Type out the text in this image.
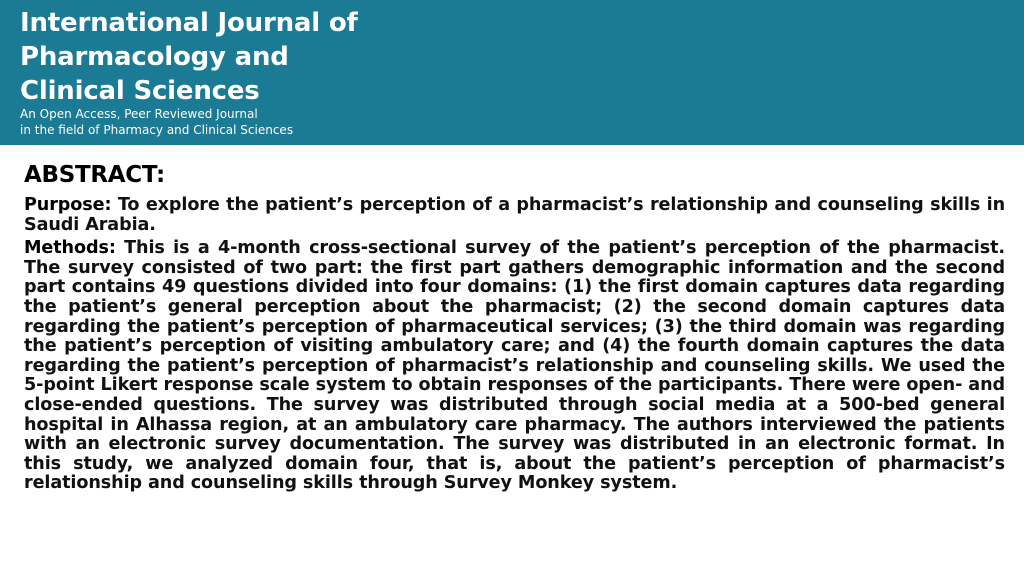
International Journal of
Pharmacology and
Clinical Sciences

An Open Access, Peer Reviewed Journal
in the field of Pharmacy and Clinical Sciences

ABSTRACT:

Purpose: To explore the patient’s perception of a pharmacist’s relationship and counseling skills in Saudi Arabia.

Methods: This is a 4-month cross-sectional survey of the patient’s perception of the pharmacist. The survey consisted of two part: the first part gathers demographic information and the second part contains 49 questions divided into four domains: (1) the first domain captures data regarding the patient’s general perception about the pharmacist; (2) the second domain captures data regarding the patient’s perception of pharmaceutical services; (3) the third domain was regarding the patient’s perception of visiting ambulatory care; and (4) the fourth domain captures the data regarding the patient’s perception of pharmacist’s relationship and counseling skills. We used the 5-point Likert response scale system to obtain responses of the participants. There were open- and close-ended questions. The survey was distributed through social media at a 500-bed general hospital in Alhassa region, at an ambulatory care pharmacy. The authors interviewed the patients with an electronic survey documentation. The survey was distributed in an electronic format. In this study, we analyzed domain four, that is, about the patient’s perception of pharmacist’s relationship and counseling skills through Survey Monkey system.
